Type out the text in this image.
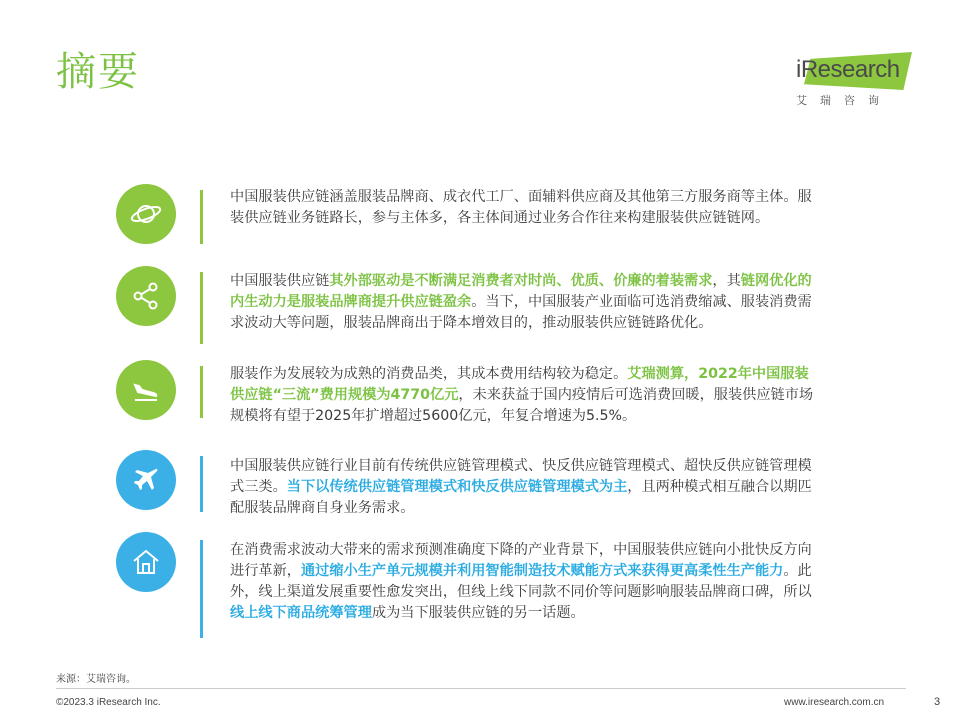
摘要	iResearch
艾瑞咨询
中国服装供应链涵盖服装品牌商、成衣代工厂、面辅料供应商及其他第三方服务商等主体。服装供应链业务链路长，参与主体多，各主体间通过业务合作往来构建服装供应链链网。
中国服装供应链其外部驱动是不断满足消费者对时尚、优质、价廉的着装需求，其链网优化的内生动力是服装品牌商提升供应链盈余。当下，中国服装产业面临可选消费缩减、服装消费需求波动大等问题，服装品牌商出于降本增效目的，推动服装供应链链路优化。
服装作为发展较为成熟的消费品类，其成本费用结构较为稳定。艾瑞测算，2022年中国服装供应链“三流”费用规模为4770亿元，未来获益于国内疫情后可选消费回暖，服装供应链市场规模将有望于2025年扩增超过5600亿元，年复合增速为5.5%。
中国服装供应链行业目前有传统供应链管理模式、快反供应链管理模式、超快反供应链管理模式三类。当下以传统供应链管理模式和快反供应链管理模式为主，且两种模式相互融合以期匹配服装品牌商自身业务需求。
在消费需求波动大带来的需求预测准确度下降的产业背景下，中国服装供应链向小批快反方向进行革新，通过缩小生产单元规模并利用智能制造技术赋能方式来获得更高柔性生产能力。此外，线上渠道发展重要性愈发突出，但线上线下同款不同价等问题影响服装品牌商口碑，所以线上线下商品统筹管理成为当下服装供应链的另一话题。
来源：艾瑞咨询。
©2023.3 iResearch Inc.	www.iresearch.com.cn	3
